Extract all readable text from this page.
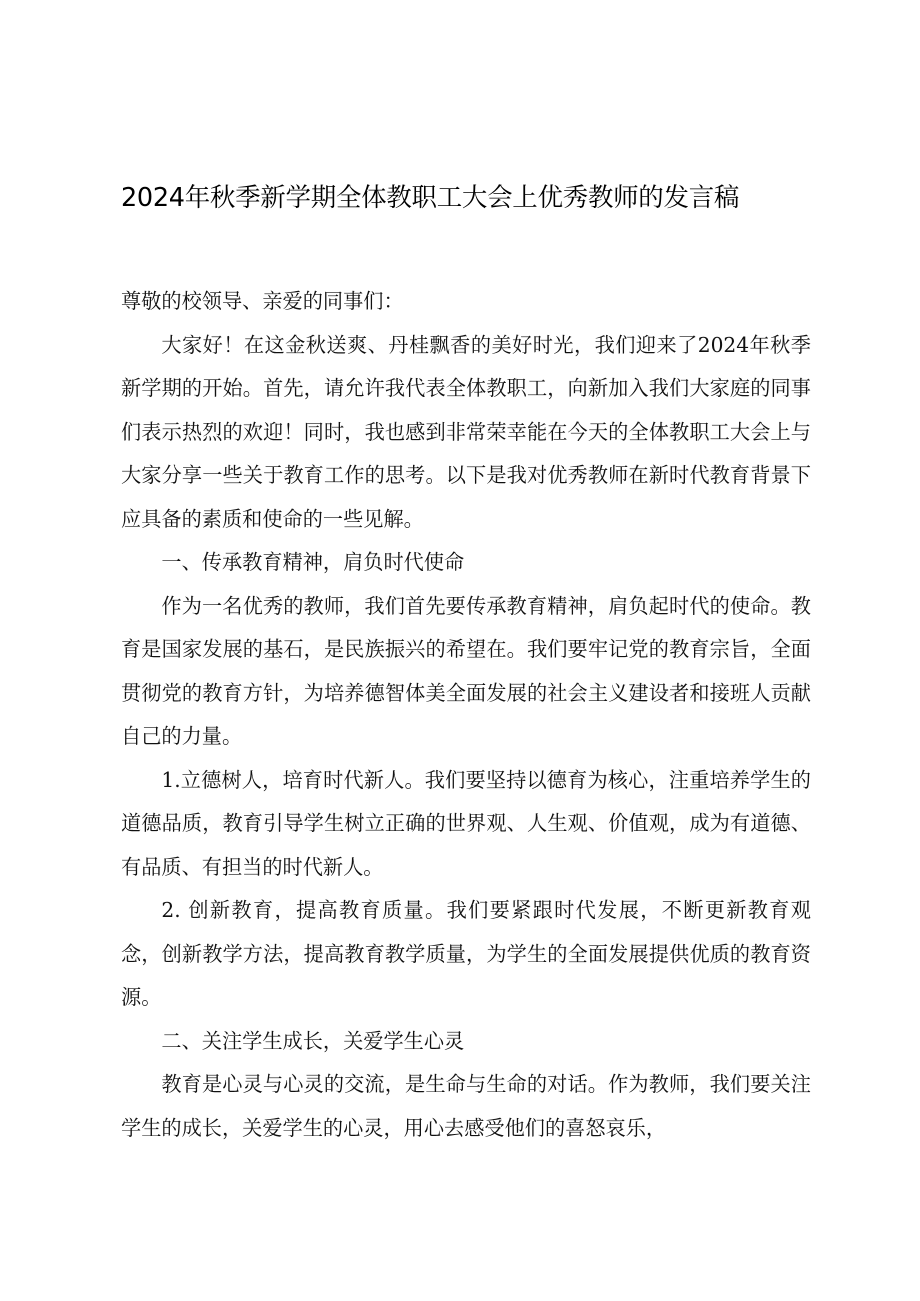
2024年秋季新学期全体教职工大会上优秀教师的发言稿

尊敬的校领导、亲爱的同事们：

大家好！在这金秋送爽、丹桂飘香的美好时光，我们迎来了2024年秋季新学期的开始。首先，请允许我代表全体教职工，向新加入我们大家庭的同事们表示热烈的欢迎！同时，我也感到非常荣幸能在今天的全体教职工大会上与大家分享一些关于教育工作的思考。以下是我对优秀教师在新时代教育背景下应具备的素质和使命的一些见解。

一、传承教育精神，肩负时代使命

作为一名优秀的教师，我们首先要传承教育精神，肩负起时代的使命。教育是国家发展的基石，是民族振兴的希望在。我们要牢记党的教育宗旨，全面贯彻党的教育方针，为培养德智体美全面发展的社会主义建设者和接班人贡献自己的力量。

1.立德树人，培育时代新人。我们要坚持以德育为核心，注重培养学生的道德品质，教育引导学生树立正确的世界观、人生观、价值观，成为有道德、有品质、有担当的时代新人。

2. 创新教育，提高教育质量。我们要紧跟时代发展，不断更新教育观念，创新教学方法，提高教育教学质量，为学生的全面发展提供优质的教育资源。

二、关注学生成长，关爱学生心灵

教育是心灵与心灵的交流，是生命与生命的对话。作为教师，我们要关注学生的成长，关爱学生的心灵，用心去感受他们的喜怒哀乐，
